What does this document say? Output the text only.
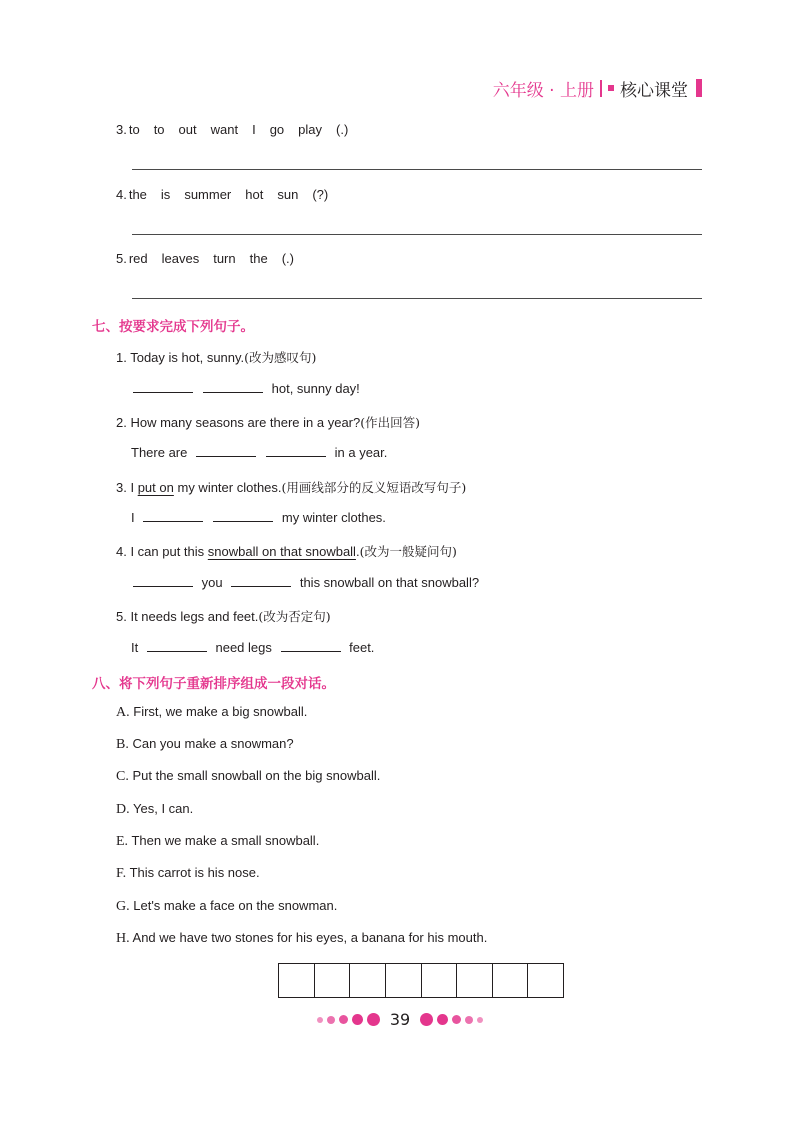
六年级 · 上册 核心课堂
3. to to out want I go play (.)
4. the is summer hot sun (?)
5. red leaves turn the (.)
七、按要求完成下列句子。
1. Today is hot, sunny.(改为感叹句)
hot, sunny day!
2. How many seasons are there in a year?(作出回答)
There are	in a year.
3. I put on my winter clothes.(用画线部分的反义短语改写句子)
I	my winter clothes.
4. I can put this snowball on that snowball.(改为一般疑问句)
you	this snowball on that snowball?
5. It needs legs and feet.(改为否定句)
It	need legs	feet.
八、将下列句子重新排序组成一段对话。
A. First, we make a big snowball.
B. Can you make a snowman?
C. Put the small snowball on the big snowball.
D. Yes, I can.
E. Then we make a small snowball.
F. This carrot is his nose.
G. Let's make a face on the snowman.
H. And we have two stones for his eyes, a banana for his mouth.
39
